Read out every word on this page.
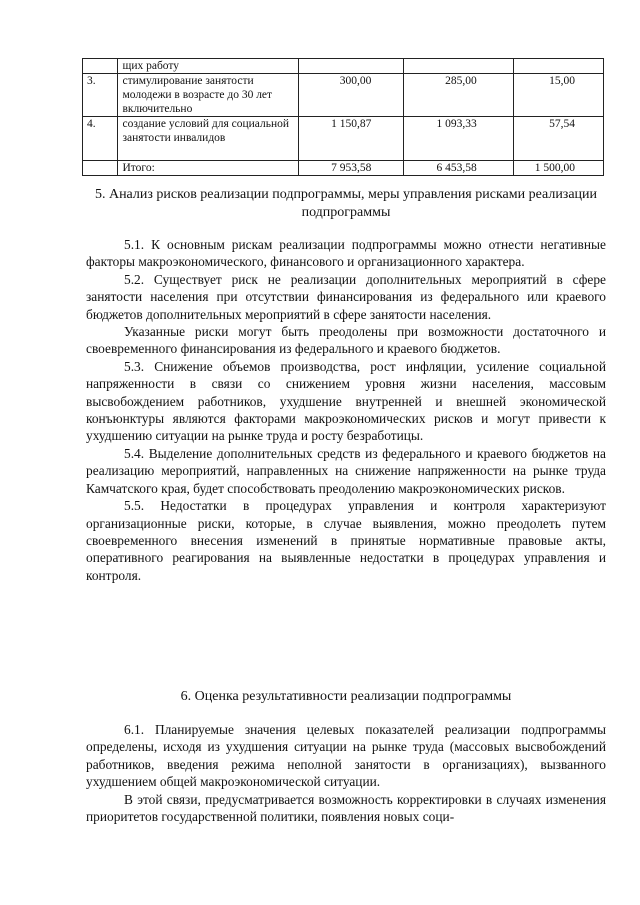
	щих работу			
3.	стимулирование занятости молодежи в возрасте до 30 лет включительно	300,00	285,00	15,00
4.	создание условий для социальной занятости инвалидов	1 150,87	1 093,33	57,54
	Итого:	7 953,58	6 453,58	1 500,00
5. Анализ рисков реализации подпрограммы, меры управления рисками реализации подпрограммы

5.1. К основным рискам реализации подпрограммы можно отнести негативные факторы макроэкономического, финансового и организационного характера.

5.2. Существует риск не реализации дополнительных мероприятий в сфере занятости населения при отсутствии финансирования из федерального или краевого бюджетов дополнительных мероприятий в сфере занятости населения.

Указанные риски могут быть преодолены при возможности достаточного и своевременного финансирования из федерального и краевого бюджетов.

5.3. Снижение объемов производства, рост инфляции, усиление социальной напряженности в связи со снижением уровня жизни населения, массовым высвобождением работников, ухудшение внутренней и внешней экономической конъюнктуры являются факторами макроэкономических рисков и могут привести к ухудшению ситуации на рынке труда и росту безработицы.

5.4. Выделение дополнительных средств из федерального и краевого бюджетов на реализацию мероприятий, направленных на снижение напряженности на рынке труда Камчатского края, будет способствовать преодолению макроэкономических рисков.

5.5. Недостатки в процедурах управления и контроля характеризуют организационные риски, которые, в случае выявления, можно преодолеть путем своевременного внесения изменений в принятые нормативные правовые акты, оперативного реагирования на выявленные недостатки в процедурах управления и контроля.

6. Оценка результативности реализации подпрограммы

6.1. Планируемые значения целевых показателей реализации подпрограммы определены, исходя из ухудшения ситуации на рынке труда (массовых высвобождений работников, введения режима неполной занятости в организациях), вызванного ухудшением общей макроэкономической ситуации.

В этой связи, предусматривается возможность корректировки в случаях изменения приоритетов государственной политики, появления новых соци-
